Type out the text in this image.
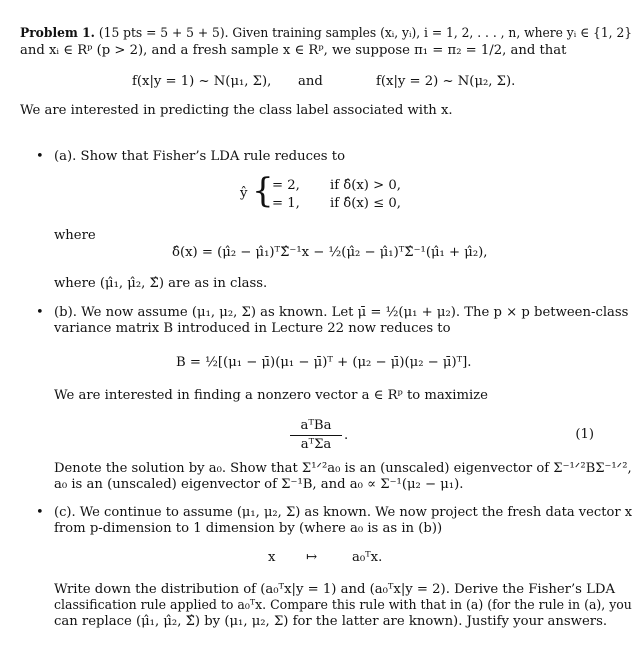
Problem 1. (15 pts = 5 + 5 + 5). Given training samples (xᵢ, yᵢ), i = 1, 2, . . . , n, where yᵢ ∈ {1, 2}
and xᵢ ∈ Rᵖ (p > 2), and a fresh sample x ∈ Rᵖ, we suppose π₁ = π₂ = 1/2, and that
f(x|y = 1) ~ N(μ₁, Σ), and	f(x|y = 2) ~ N(μ₂, Σ).
We are interested in predicting the class label associated with x.
• (a). Show that Fisher’s LDA rule reduces to
ŷ {
= 2, if δ̂(x) > 0,
= 1, if δ̂(x) ≤ 0,
where
δ̂(x) = (μ̂₂ − μ̂₁)ᵀΣ̂⁻¹x − ½(μ̂₂ − μ̂₁)ᵀΣ̂⁻¹(μ̂₁ + μ̂₂),
where (μ̂₁, μ̂₂, Σ̂) are as in class.
• (b). We now assume (μ₁, μ₂, Σ) as known. Let μ̄ = ½(μ₁ + μ₂). The p × p between-class
variance matrix B introduced in Lecture 22 now reduces to
B = ½[(μ₁ − μ̄)(μ₁ − μ̄)ᵀ + (μ₂ − μ̄)(μ₂ − μ̄)ᵀ].
We are interested in finding a nonzero vector a ∈ Rᵖ to maximize
aᵀBa
aᵀΣa
.	(1)
Denote the solution by a₀. Show that Σ¹ᐟ²a₀ is an (unscaled) eigenvector of Σ⁻¹ᐟ²BΣ⁻¹ᐟ²,
a₀ is an (unscaled) eigenvector of Σ⁻¹B, and a₀ ∝ Σ⁻¹(μ₂ − μ₁).
• (c). We continue to assume (μ₁, μ₂, Σ) as known. We now project the fresh data vector x
from p-dimension to 1 dimension by (where a₀ is as in (b))
x ↦	a₀ᵀx.
Write down the distribution of (a₀ᵀx|y = 1) and (a₀ᵀx|y = 2). Derive the Fisher’s LDA
classification rule applied to a₀ᵀx. Compare this rule with that in (a) (for the rule in (a), you
can replace (μ̂₁, μ̂₂, Σ̂) by (μ₁, μ₂, Σ) for the latter are known). Justify your answers.
